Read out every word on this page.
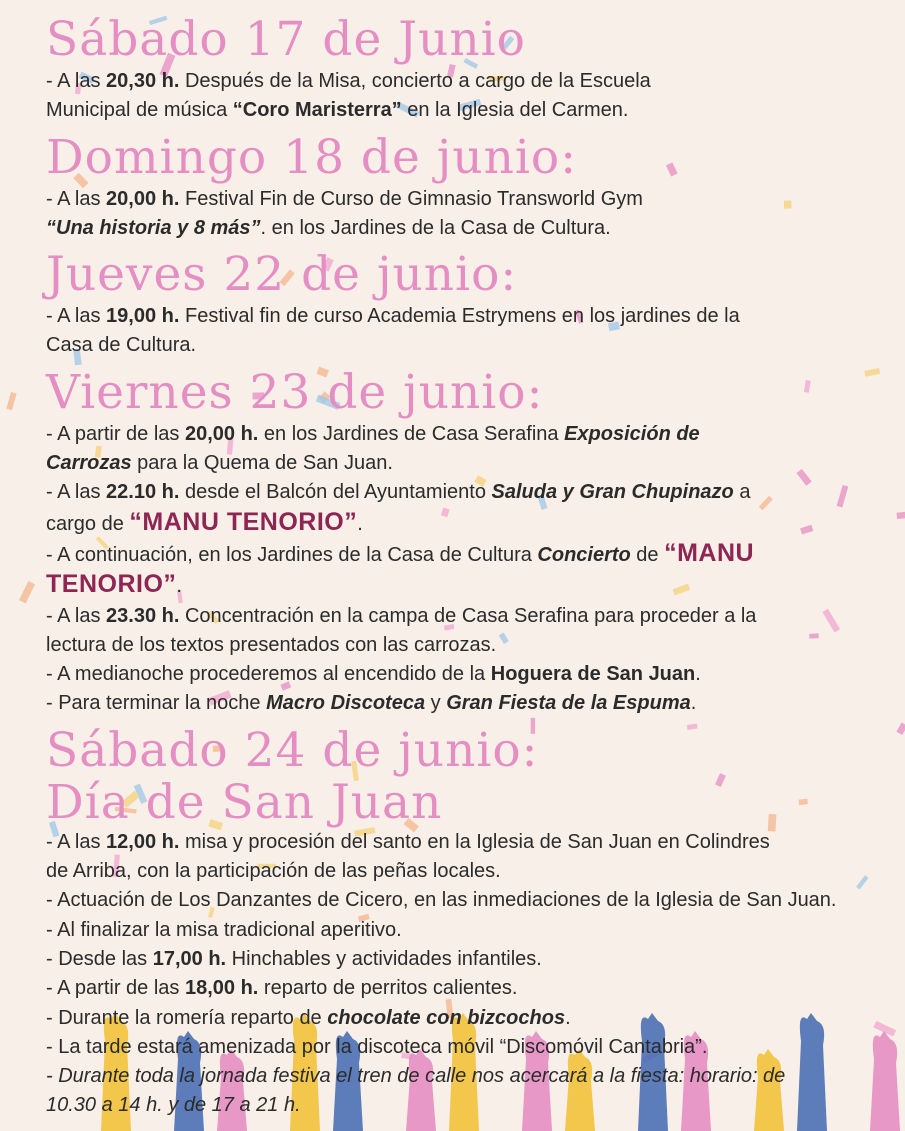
Sábado 17 de Junio

- A las 20,30 h. Después de la Misa, concierto a cargo de la Escuela

Municipal de música “Coro Maristerra” en la Iglesia del Carmen.

Domingo 18 de junio:

- A las 20,00 h. Festival Fin de Curso de Gimnasio Transworld Gym

“Una historia y 8 más”. en los Jardines de la Casa de Cultura.

Jueves 22 de junio:

- A las 19,00 h. Festival fin de curso Academia Estrymens en los jardines de la

Casa de Cultura.

Viernes 23 de junio:

- A partir de las 20,00 h. en los Jardines de Casa Serafina Exposición de

Carrozas para la Quema de San Juan.

- A las 22.10 h. desde el Balcón del Ayuntamiento Saluda y Gran Chupinazo a

cargo de “MANU TENORIO”.

- A continuación, en los Jardines de la Casa de Cultura Concierto de “MANU

TENORIO”.

- A las 23.30 h. Concentración en la campa de Casa Serafina para proceder a la

lectura de los textos presentados con las carrozas.

- A medianoche procederemos al encendido de la Hoguera de San Juan.

- Para terminar la noche Macro Discoteca y Gran Fiesta de la Espuma.

Sábado 24 de junio:
Día de San Juan

- A las 12,00 h. misa y procesión del santo en la Iglesia de San Juan en Colindres

de Arriba, con la participación de las peñas locales.

- Actuación de Los Danzantes de Cicero, en las inmediaciones de la Iglesia de San Juan.

- Al finalizar la misa tradicional aperitivo.

- Desde las 17,00 h. Hinchables y actividades infantiles.

- A partir de las 18,00 h. reparto de perritos calientes.

- Durante la romería reparto de chocolate con bizcochos.

- La tarde estará amenizada por la discoteca móvil “Discomóvil Cantabria”.

- Durante toda la jornada festiva el tren de calle nos acercará a la fiesta: horario: de

10.30 a 14 h. y de 17 a 21 h.
